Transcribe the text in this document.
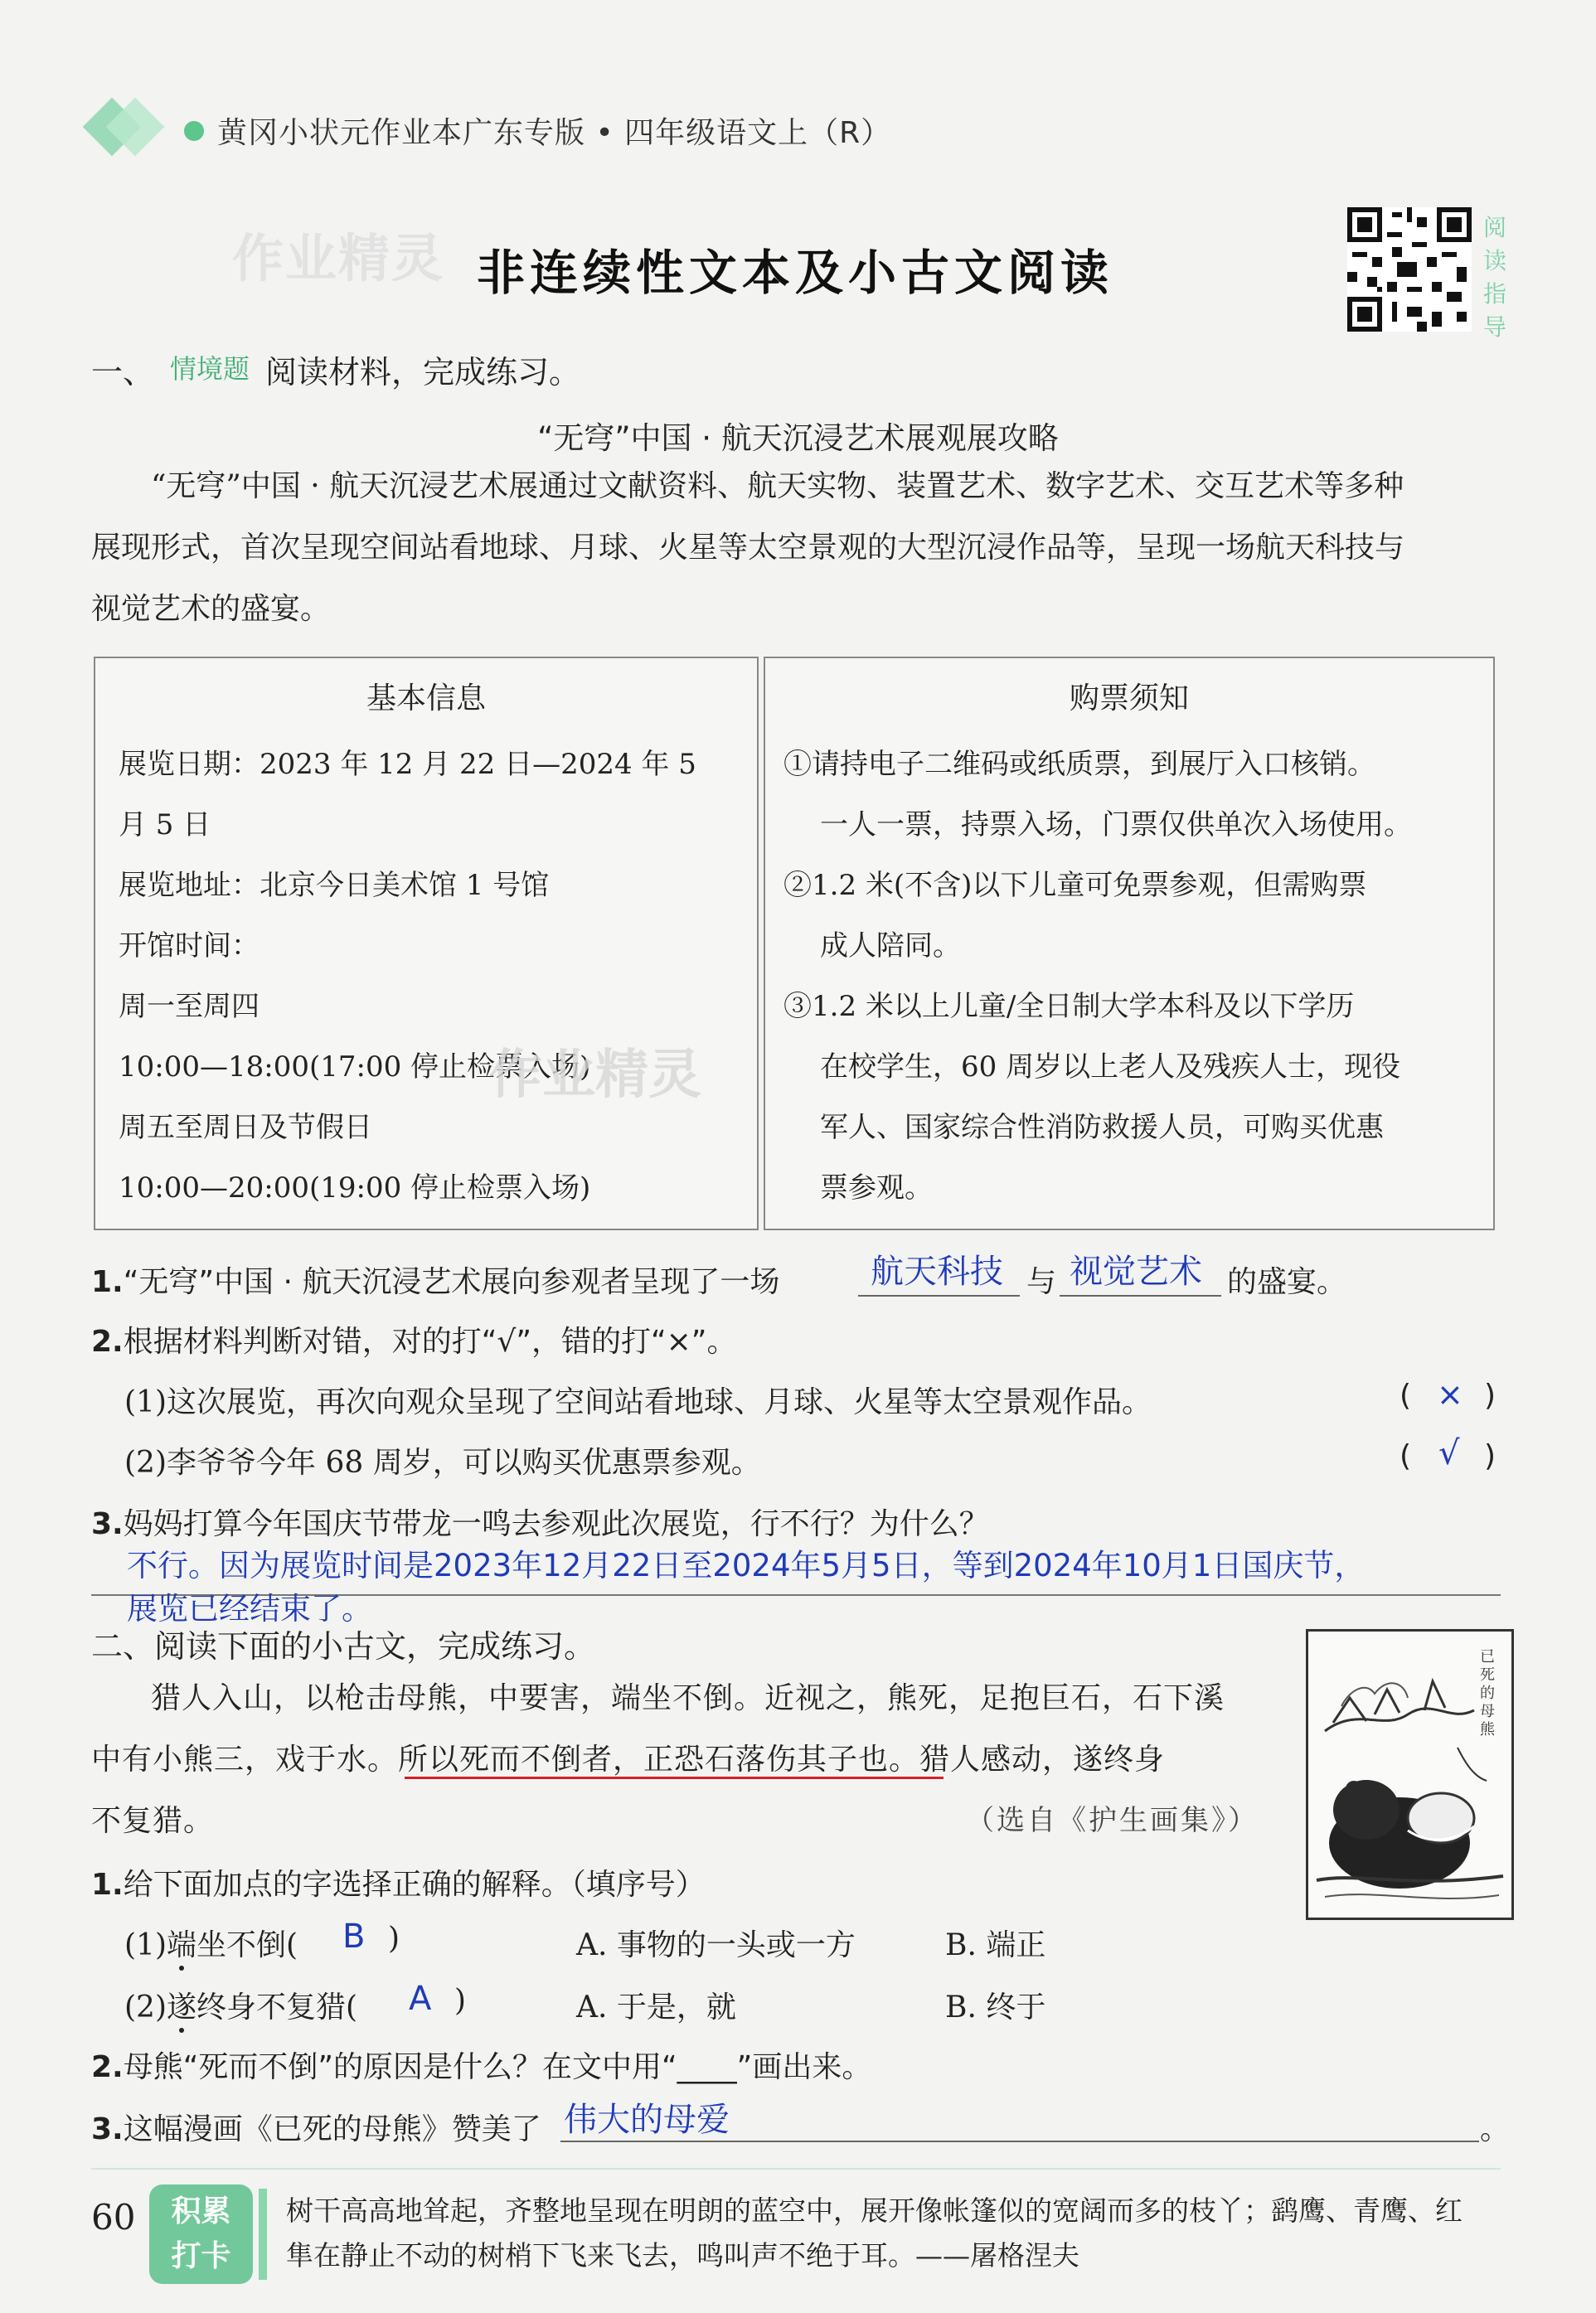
黄冈小状元作业本广东专版 • 四年级语文上（R）
作业精灵 非连续性文本及小古文阅读
阅读指导
一、 情境题 阅读材料，完成练习。
“无穹”中国 · 航天沉浸艺术展观展攻略
“无穹”中国 · 航天沉浸艺术展通过文献资料、航天实物、装置艺术、数字艺术、交互艺术等多种
展现形式，首次呈现空间站看地球、月球、火星等太空景观的大型沉浸作品等，呈现一场航天科技与
视觉艺术的盛宴。
基本信息
展览日期：2023 年 12 月 22 日—2024 年 5
月 5 日
展览地址：北京今日美术馆 1 号馆
开馆时间：
周一至周四
10:00—18:00(17:00 停止检票入场)
周五至周日及节假日
10:00—20:00(19:00 停止检票入场)
购票须知
①请持电子二维码或纸质票，到展厅入口核销。
一人一票，持票入场，门票仅供单次入场使用。
②1.2 米(不含)以下儿童可免票参观，但需购票
成人陪同。
③1.2 米以上儿童/全日制大学本科及以下学历
在校学生，60 周岁以上老人及残疾人士，现役
军人、国家综合性消防救援人员，可购买优惠
票参观。
作业精灵
1.“无穹”中国 · 航天沉浸艺术展向参观者呈现了一场	航天科技 与 视觉艺术 的盛宴。
2.根据材料判断对错，对的打“√”，错的打“×”。
(1)这次展览，再次向观众呈现了空间站看地球、月球、火星等太空景观作品。	( × )
(2)李爷爷今年 68 周岁，可以购买优惠票参观。	( √ )
3.妈妈打算今年国庆节带龙一鸣去参观此次展览，行不行？为什么？
不行。因为展览时间是2023年12月22日至2024年5月5日，等到2024年10月1日国庆节，
展览已经结束了。
二、阅读下面的小古文，完成练习。
猎人入山，以枪击母熊，中要害，端坐不倒。近视之，熊死，足抱巨石，石下溪
中有小熊三，戏于水。所以死而不倒者，正恐石落伤其子也。猎人感动，遂终身
不复猎。	（选自《护生画集》）
已死的母熊
1.给下面加点的字选择正确的解释。（填序号）
(1)端坐不倒( B )	A. 事物的一头或一方	B. 端正
(2)遂终身不复猎( A )	A. 于是，就	B. 终于
2.母熊“死而不倒”的原因是什么？在文中用“____”画出来。
3.这幅漫画《已死的母熊》赞美了 伟大的母爱	。
60	积累
打卡
树干高高地耸起，齐整地呈现在明朗的蓝空中，展开像帐篷似的宽阔而多的枝丫；鹞鹰、青鹰、红
隼在静止不动的树梢下飞来飞去，鸣叫声不绝于耳。——屠格涅夫
